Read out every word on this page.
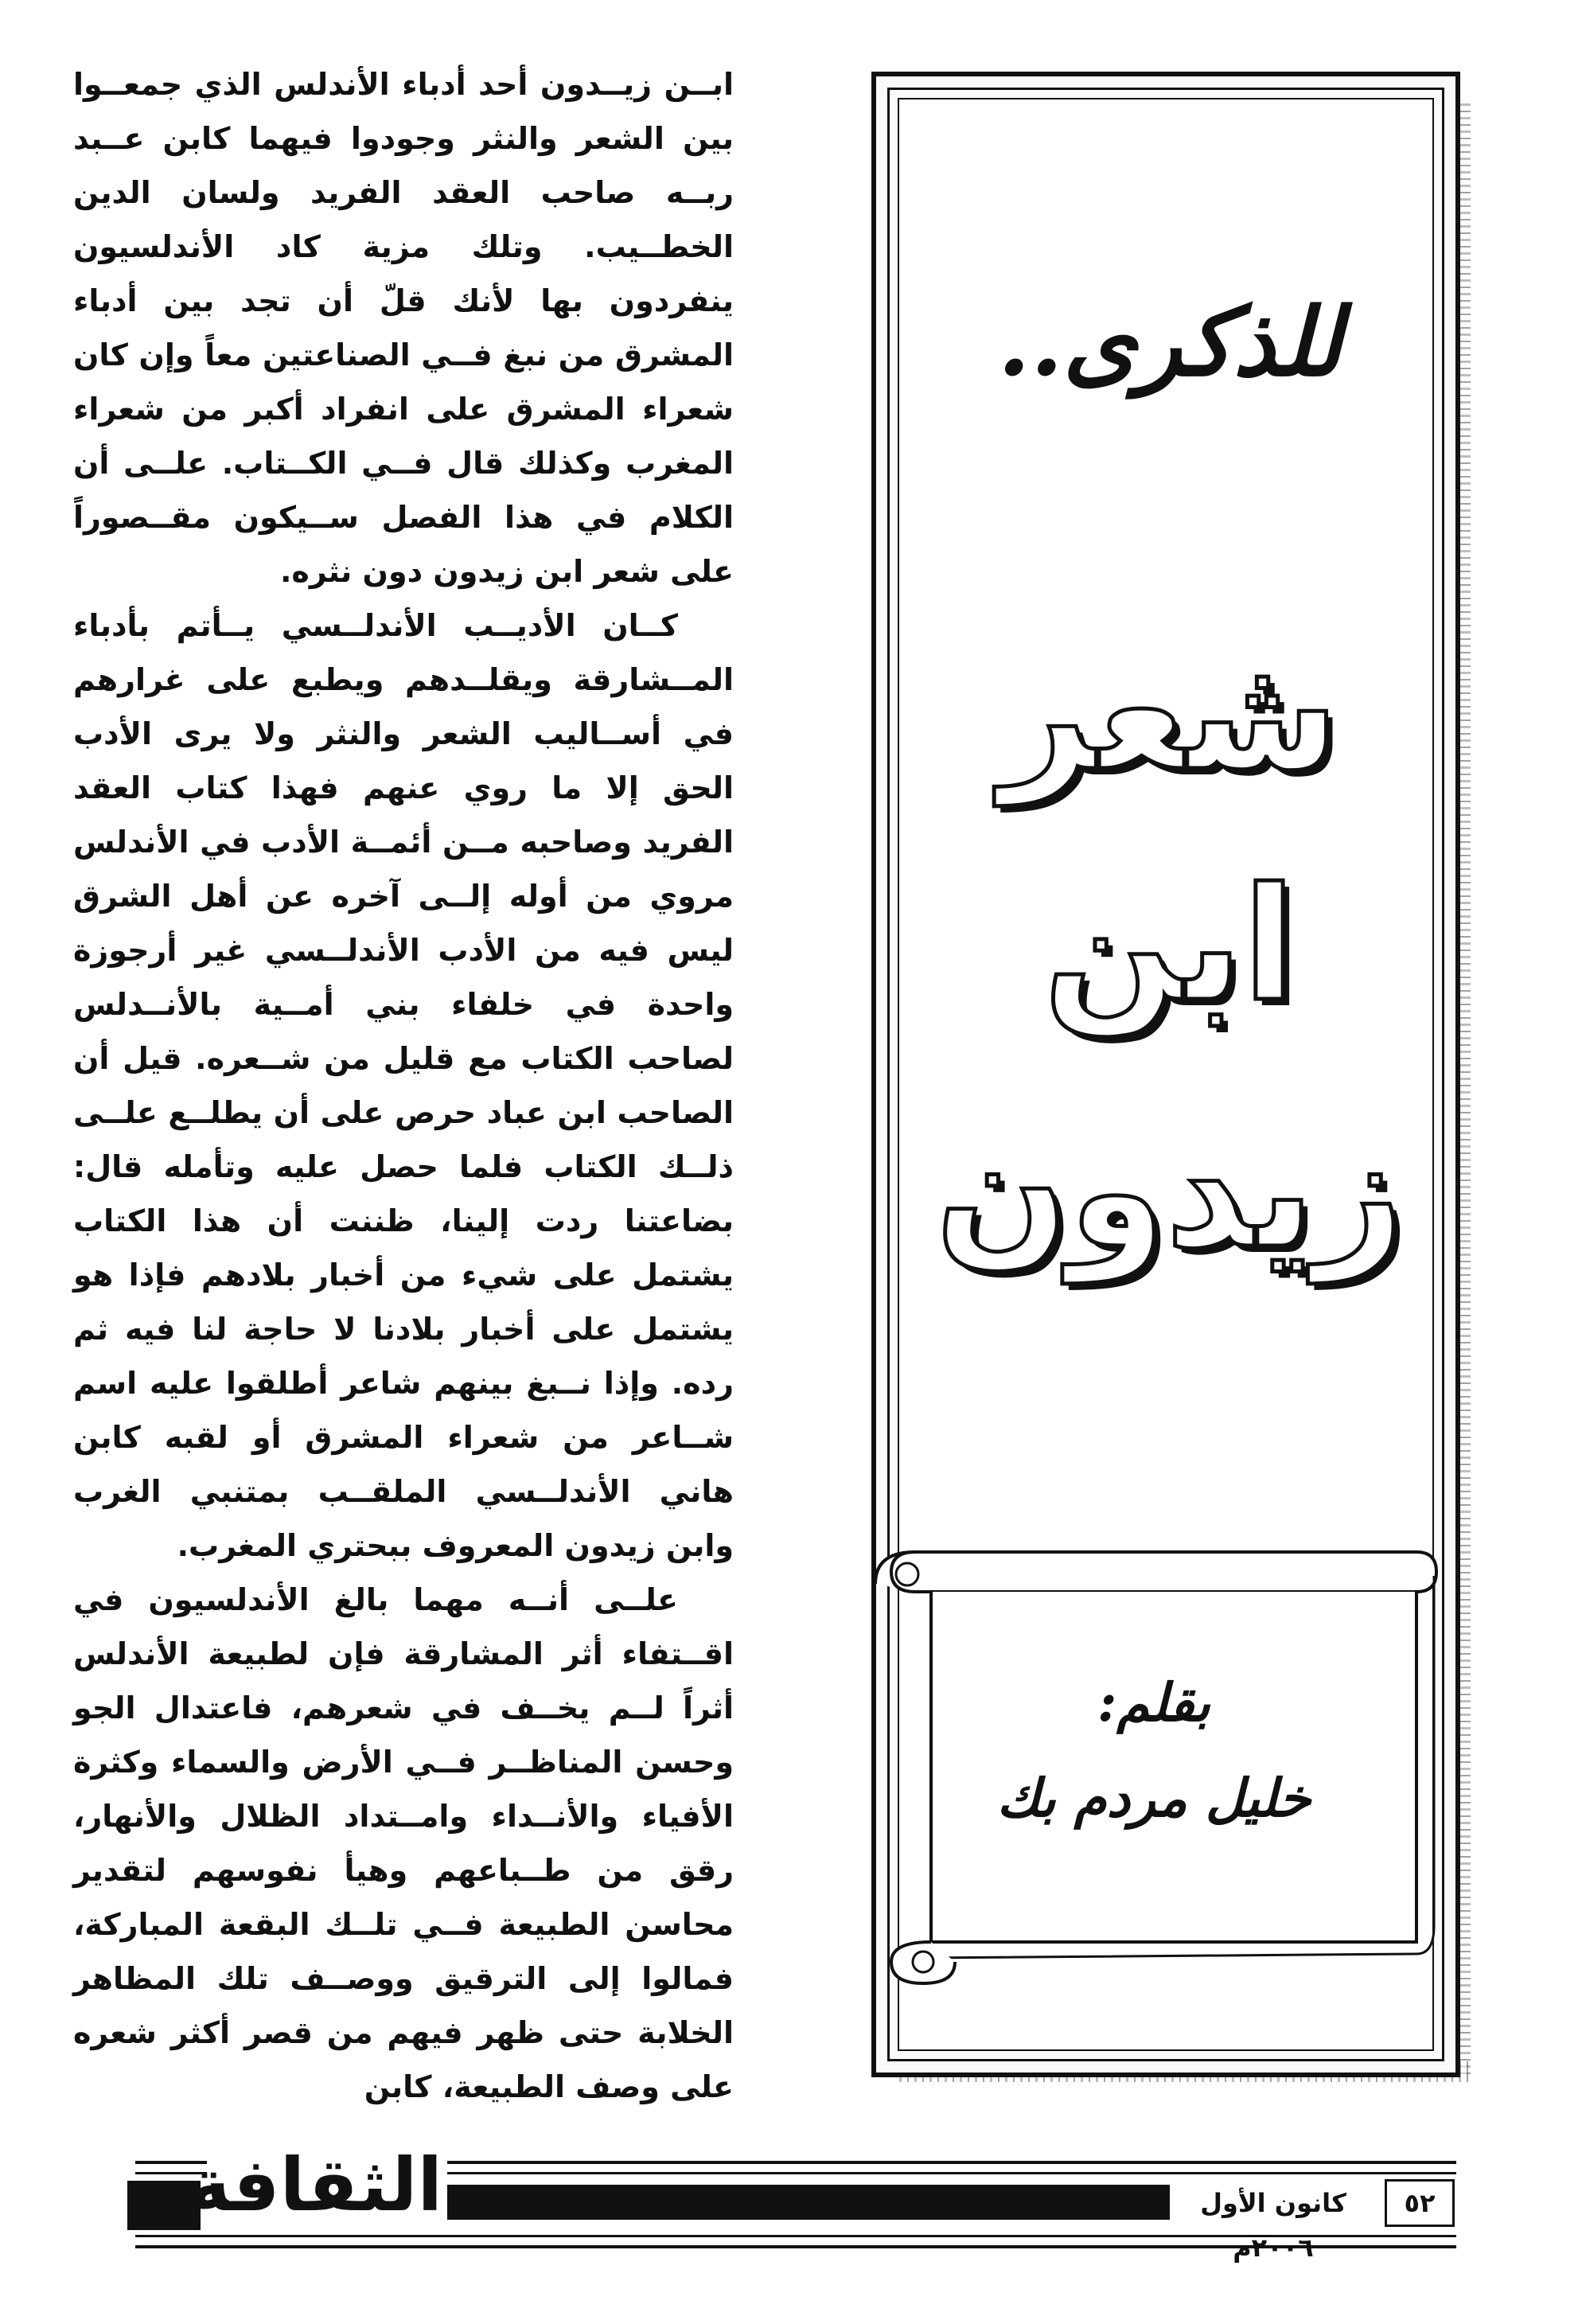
ابــن زيــدون أحد أدباء الأندلس الذي جمعــوا بين الشعر والنثر وجودوا فيهما كابن عــبد ربــه صاحب العقد الفريد ولسان الدين الخطــيب. وتلك مزية كاد الأندلسيون ينفردون بها لأنك قلّ أن تجد بين أدباء المشرق من نبغ فــي الصناعتين معاً وإن كان شعراء المشرق على انفراد أكبر من شعراء المغرب وكذلك قال فــي الكــتاب. علــى أن الكلام في هذا الفصل ســيكون مقــصوراً على شعر ابن زيدون دون نثره.

كــان الأديــب الأندلــسي يــأتم بأدباء المــشارقة ويقلــدهم ويطبع على غرارهم في أســاليب الشعر والنثر ولا يرى الأدب الحق إلا ما روي عنهم فهذا كتاب العقد الفريد وصاحبه مــن أئمــة الأدب في الأندلس مروي من أوله إلــى آخره عن أهل الشرق ليس فيه من الأدب الأندلــسي غير أرجوزة واحدة في خلفاء بني أمــية بالأنــدلس لصاحب الكتاب مع قليل من شــعره. قيل أن الصاحب ابن عباد حرص على أن يطلــع علــى ذلــك الكتاب فلما حصل عليه وتأمله قال: بضاعتنا ردت إلينا، ظننت أن هذا الكتاب يشتمل على شيء من أخبار بلادهم فإذا هو يشتمل على أخبار بلادنا لا حاجة لنا فيه ثم رده. وإذا نــبغ بينهم شاعر أطلقوا عليه اسم شــاعر من شعراء المشرق أو لقبه كابن هاني الأندلــسي الملقــب بمتنبي الغرب وابن زيدون المعروف ببحتري المغرب.

علــى أنــه مهما بالغ الأندلسيون في اقــتفاء أثر المشارقة فإن لطبيعة الأندلس أثراً لــم يخــف في شعرهم، فاعتدال الجو وحسن المناظــر فــي الأرض والسماء وكثرة الأفياء والأنــداء وامــتداد الظلال والأنهار، رقق من طــباعهم وهيأ نفوسهم لتقدير محاسن الطبيعة فــي تلــك البقعة المباركة، فمالوا إلى الترقيق ووصــف تلك المظاهر الخلابة حتى ظهر فيهم من قصر أكثر شعره على وصف الطبيعة، كابن

للذكرى..
شعر
ابن
زيدون
بقلم:
خليل مردم بك
الثقافة	كانون الأول ٢٠٠٦م
٥٢
